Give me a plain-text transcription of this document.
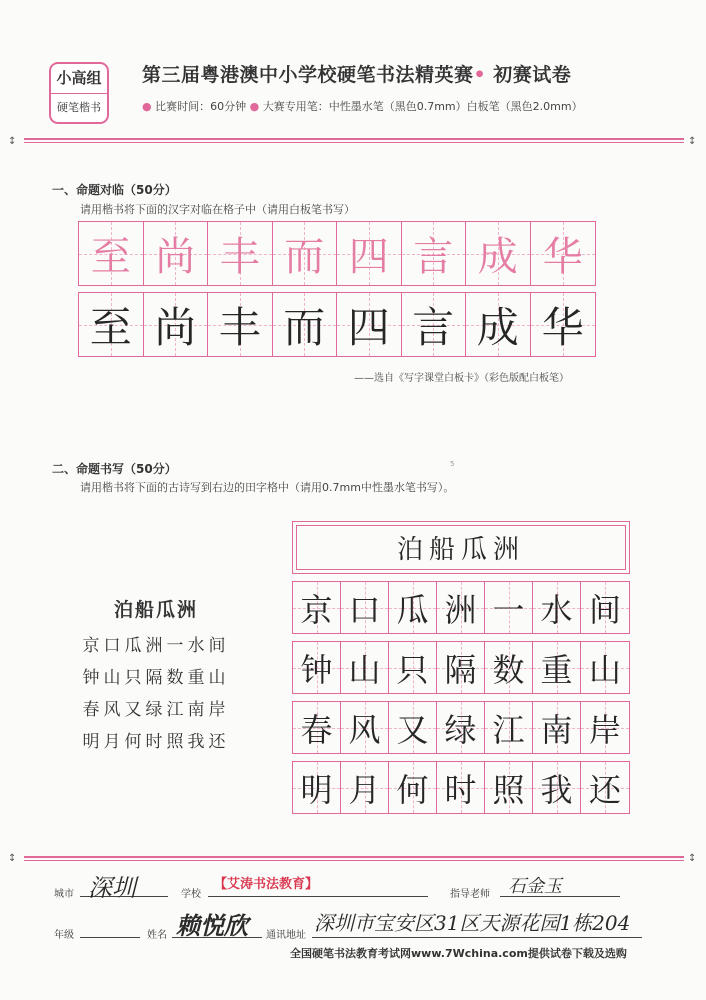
小高组
硬笔楷书
第三届粤港澳中小学校硬笔书法精英赛• 初赛试卷
● 比赛时间：60分钟 ● 大赛专用笔：中性墨水笔（黑色0.7mm）白板笔（黑色2.0mm）
↕	↕
一、命题对临（50分）
请用楷书将下面的汉字对临在格子中（请用白板笔书写）
至 尚 丰 而 四 言 成 华
至 尚 丰 而 四 言 成 华
——选自《写字课堂白板卡》（彩色版配白板笔）
5
二、命题书写（50分）
请用楷书将下面的古诗写到右边的田字格中（请用0.7mm中性墨水笔书写）。
泊船瓜洲
京口瓜洲一水间
钟山只隔数重山
春风又绿江南岸
明月何时照我还
泊船瓜洲
京 口 瓜 洲 一 水 间
钟 山 只 隔 数 重 山
春 风 又 绿 江 南 岸
明 月 何 时 照 我 还
↕	↕
城市 深圳	学校
【艾涛书法教育】
指导老师 石金玉
年级	姓名 赖悦欣 通讯地址
深圳市宝安区31区天源花园1栋204
全国硬笔书法教育考试网www.7Wchina.com提供试卷下载及选购
